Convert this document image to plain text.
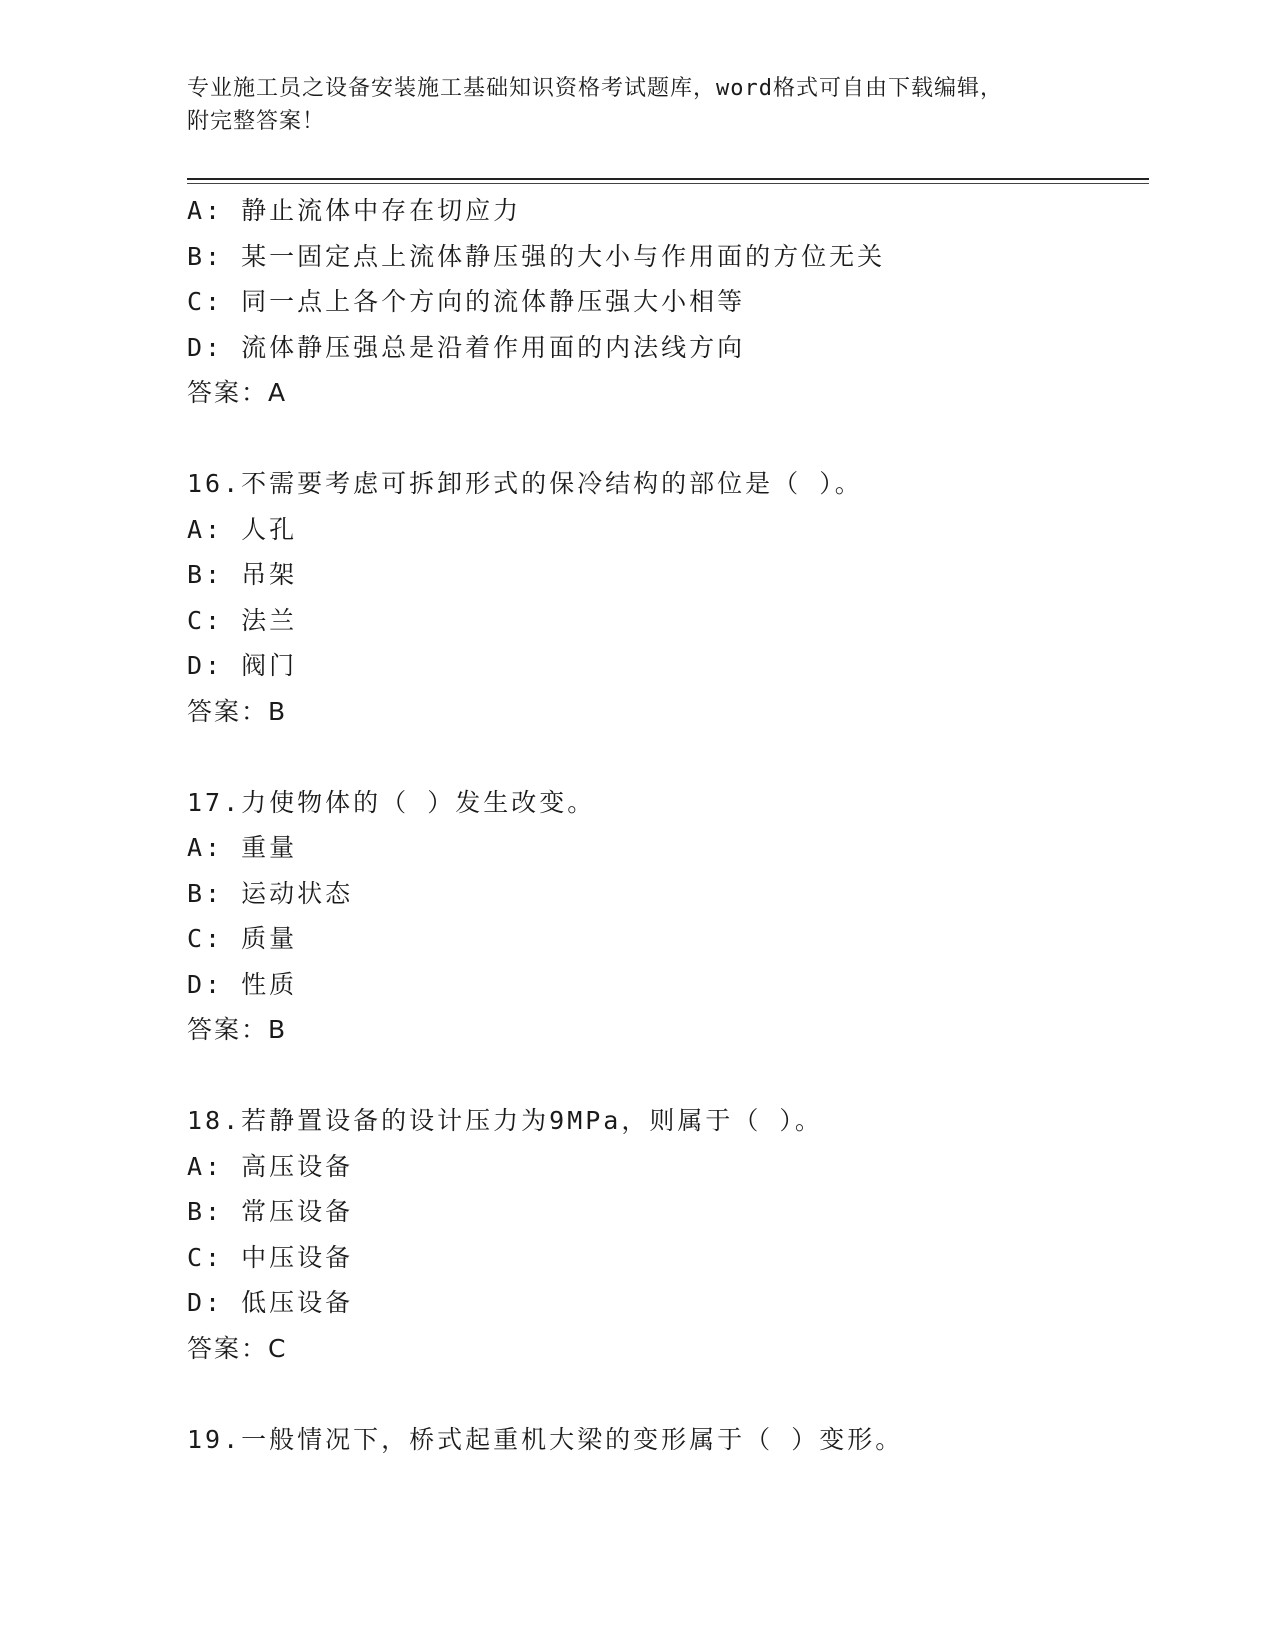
专业施工员之设备安装施工基础知识资格考试题库，word格式可自由下载编辑，
附完整答案！
A: 静止流体中存在切应力
B: 某一固定点上流体静压强的大小与作用面的方位无关
C: 同一点上各个方向的流体静压强大小相等
D: 流体静压强总是沿着作用面的内法线方向
答案：A
16.不需要考虑可拆卸形式的保冷结构的部位是（ ）。
A: 人孔
B: 吊架
C: 法兰
D: 阀门
答案：B
17.力使物体的（ ）发生改变。
A: 重量
B: 运动状态
C: 质量
D: 性质
答案：B
18.若静置设备的设计压力为9MPa，则属于（ ）。
A: 高压设备
B: 常压设备
C: 中压设备
D: 低压设备
答案：C
19.一般情况下，桥式起重机大梁的变形属于（ ）变形。
